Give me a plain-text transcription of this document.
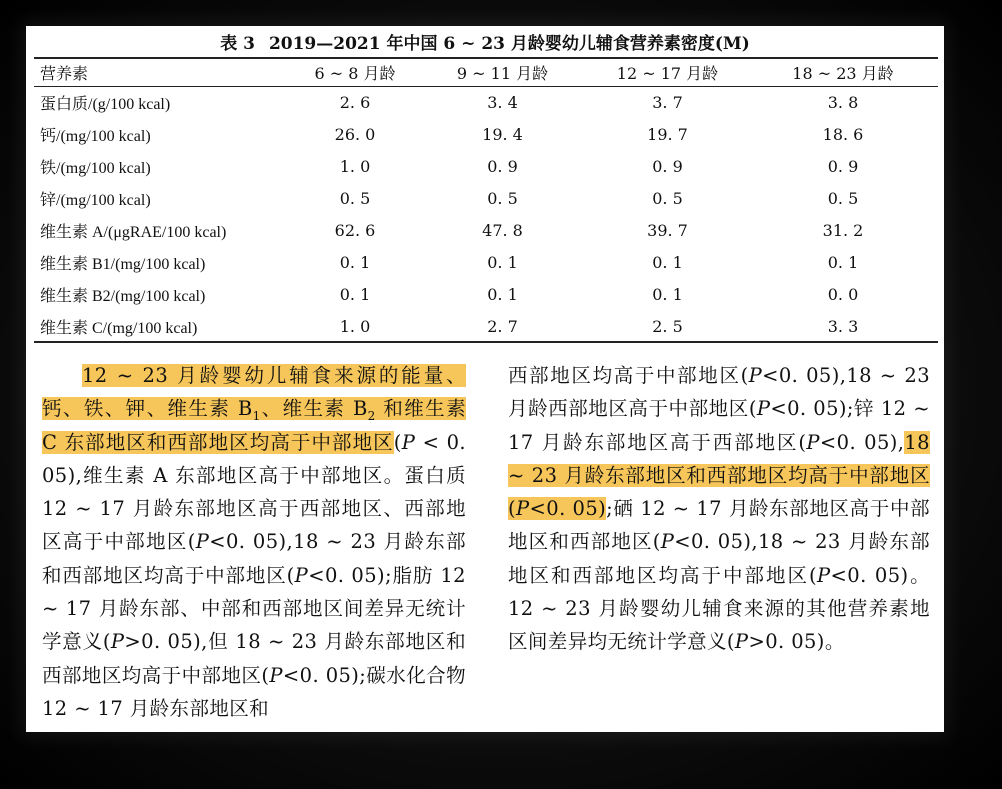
表 3 2019—2021 年中国 6 ~ 23 月龄婴幼儿辅食营养素密度(M)
营养素	6 ~ 8 月龄	9 ~ 11 月龄	12 ~ 17 月龄	18 ~ 23 月龄
蛋白质/(g/100 kcal)	2. 6	3. 4	3. 7	3. 8
钙/(mg/100 kcal)	26. 0	19. 4	19. 7	18. 6
铁/(mg/100 kcal)	1. 0	0. 9	0. 9	0. 9
锌/(mg/100 kcal)	0. 5	0. 5	0. 5	0. 5
维生素 A/(μgRAE/100 kcal)	62. 6	47. 8	39. 7	31. 2
维生素 B1/(mg/100 kcal)	0. 1	0. 1	0. 1	0. 1
维生素 B2/(mg/100 kcal)	0. 1	0. 1	0. 1	0. 0
维生素 C/(mg/100 kcal)	1. 0	2. 7	2. 5	3. 3

12 ~ 23 月龄婴幼儿辅食来源的能量、钙、铁、钾、维生素 $B_1$、维生素 $B_2$ 和维生素 C 东部地区和西部地区均高于中部地区(P < 0. 05),维生素 A 东部地区高于中部地区。蛋白质 12 ~ 17 月龄东部地区高于西部地区、西部地区高于中部地区(P<0. 05),18 ~ 23 月龄东部和西部地区均高于中部地区(P<0. 05);脂肪 12 ~ 17 月龄东部、中部和西部地区间差异无统计学意义(P>0. 05),但 18 ~ 23 月龄东部地区和西部地区均高于中部地区(P<0. 05);碳水化合物 12 ~ 17 月龄东部地区和

西部地区均高于中部地区(P<0. 05),18 ~ 23 月龄西部地区高于中部地区(P<0. 05);锌 12 ~ 17 月龄东部地区高于西部地区(P<0. 05),18 ~ 23 月龄东部地区和西部地区均高于中部地区(P<0. 05);硒 12 ~ 17 月龄东部地区高于中部地区和西部地区(P<0. 05),18 ~ 23 月龄东部地区和西部地区均高于中部地区(P<0. 05)。12 ~ 23 月龄婴幼儿辅食来源的其他营养素地区间差异均无统计学意义(P>0. 05)。
